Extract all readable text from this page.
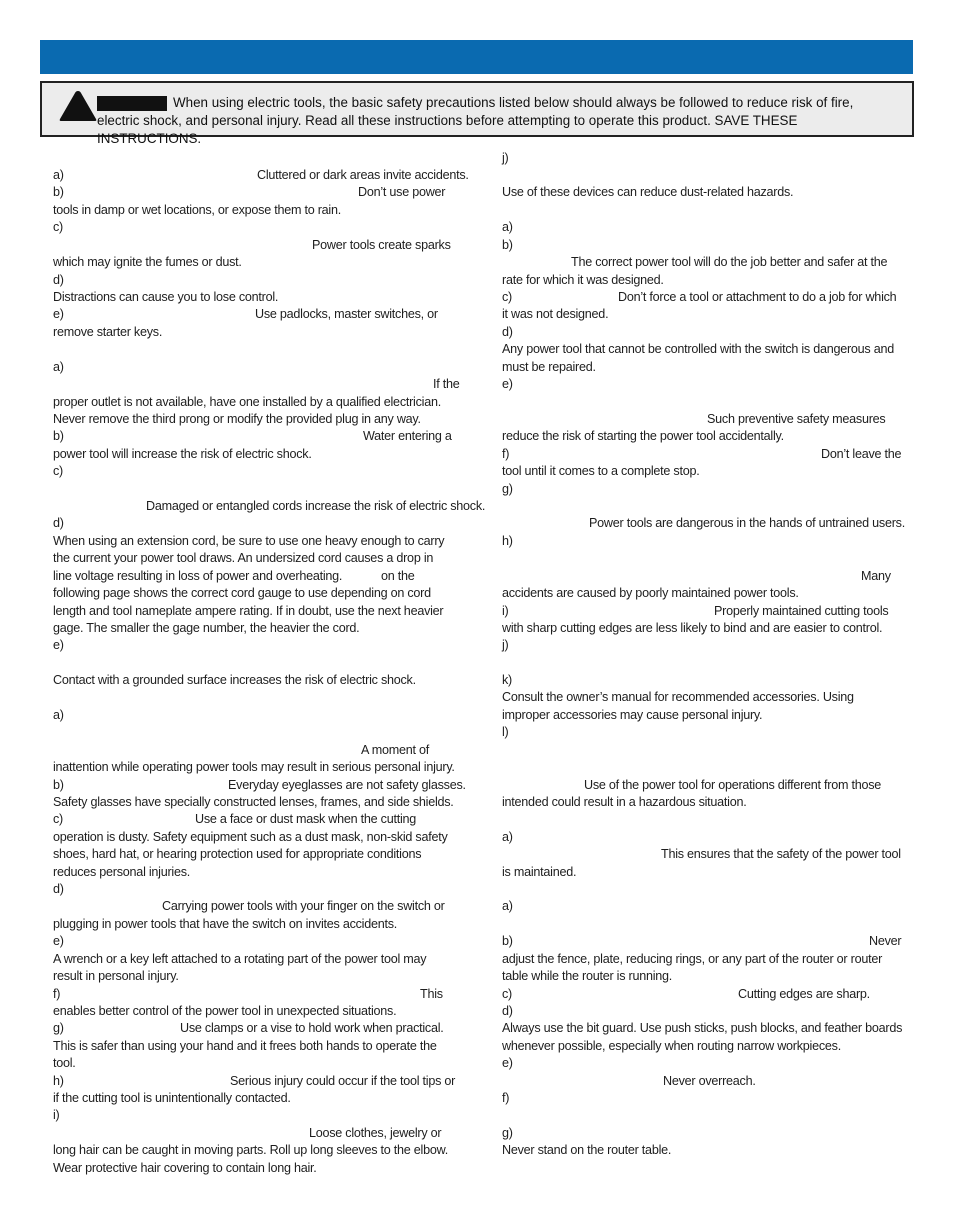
When using electric tools, the basic safety precautions listed below should always be followed to reduce risk of fire, electric shock, and personal injury. Read all these instructions before attempting to operate this product. SAVE THESE INSTRUCTIONS.
a)	Cluttered or dark areas invite accidents.
b)	Don’t use power
tools in damp or wet locations, or expose them to rain.
c)
Power tools create sparks
which may ignite the fumes or dust.
d)
Distractions can cause you to lose control.
e)	Use padlocks, master switches, or
remove starter keys.
a)
If the
proper outlet is not available, have one installed by a qualified electrician.
Never remove the third prong or modify the provided plug in any way.
b)	Water entering a
power tool will increase the risk of electric shock.
c)
Damaged or entangled cords increase the risk of electric shock.
d)
When using an extension cord, be sure to use one heavy enough to carry
the current your power tool draws. An undersized cord causes a drop in
line voltage resulting in loss of power and overheating.	on the
following page shows the correct cord gauge to use depending on cord
length and tool nameplate ampere rating. If in doubt, use the next heavier
gage. The smaller the gage number, the heavier the cord.
e)
Contact with a grounded surface increases the risk of electric shock.
a)
A moment of
inattention while operating power tools may result in serious personal injury.
b)	Everyday eyeglasses are not safety glasses.
Safety glasses have specially constructed lenses, frames, and side shields.
c)	Use a face or dust mask when the cutting
operation is dusty. Safety equipment such as a dust mask, non-skid safety
shoes, hard hat, or hearing protection used for appropriate conditions
reduces personal injuries.
d)
Carrying power tools with your finger on the switch or
plugging in power tools that have the switch on invites accidents.
e)
A wrench or a key left attached to a rotating part of the power tool may
result in personal injury.
f)	This
enables better control of the power tool in unexpected situations.
g)	Use clamps or a vise to hold work when practical.
This is safer than using your hand and it frees both hands to operate the
tool.
h)	Serious injury could occur if the tool tips or
if the cutting tool is unintentionally contacted.
i)
Loose clothes, jewelry or
long hair can be caught in moving parts. Roll up long sleeves to the elbow.
Wear protective hair covering to contain long hair.
j)
Use of these devices can reduce dust-related hazards.
a)
b)
The correct power tool will do the job better and safer at the
rate for which it was designed.
c)	Don’t force a tool or attachment to do a job for which
it was not designed.
d)
Any power tool that cannot be controlled with the switch is dangerous and
must be repaired.
e)
Such preventive safety measures
reduce the risk of starting the power tool accidentally.
f)	Don’t leave the
tool until it comes to a complete stop.
g)
Power tools are dangerous in the hands of untrained users.
h)
Many
accidents are caused by poorly maintained power tools.
i)	Properly maintained cutting tools
with sharp cutting edges are less likely to bind and are easier to control.
j)
k)
Consult the owner’s manual for recommended accessories. Using
improper accessories may cause personal injury.
l)
Use of the power tool for operations different from those
intended could result in a hazardous situation.
a)
This ensures that the safety of the power tool
is maintained.
a)
b)	Never
adjust the fence, plate, reducing rings, or any part of the router or router
table while the router is running.
c)	Cutting edges are sharp.
d)
Always use the bit guard. Use push sticks, push blocks, and feather boards
whenever possible, especially when routing narrow workpieces.
e)
Never overreach.
f)
g)
Never stand on the router table.
